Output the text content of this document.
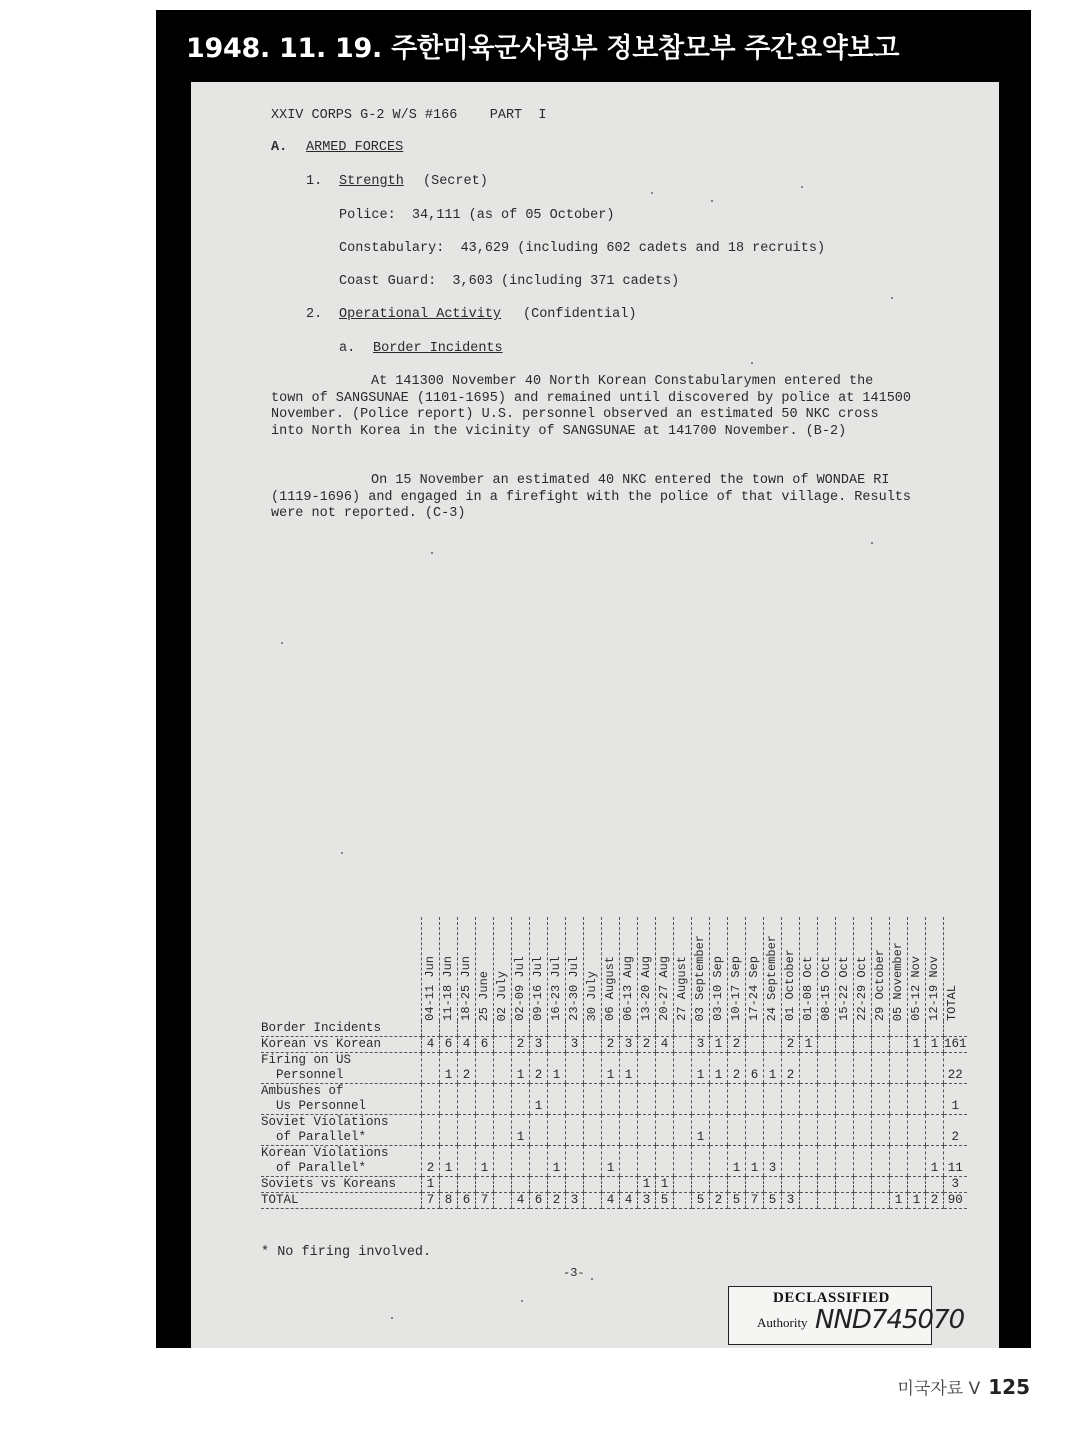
1948. 11. 19. 주한미육군사령부 정보참모부 주간요약보고
XXIV CORPS G-2 W/S #166    PART  I
A. ARMED FORCES
1. Strength (Secret)
Police:  34,111 (as of 05 October)
Constabulary:  43,629 (including 602 cadets and 18 recruits)
Coast Guard:  3,603 (including 371 cadets)
2. Operational Activity (Confidential)
a. Border Incidents
At 141300 November 40 North Korean Constabularymen entered the town of SANGSUNAE (1101-1695) and remained until discovered by police at 141500 November. (Police report) U.S. personnel observed an estimated 50 NKC cross into North Korea in the vicinity of SANGSUNAE at 141700 November. (B-2)
On 15 November an estimated 40 NKC entered the town of WONDAE RI (1119-1696) and engaged in a firefight with the police of that village. Results were not reported. (C-3)

	04-11 Jun	11-18 Jun	18-25 Jun	25 June	02 July	02-09 Jul	09-16 Jul	16-23 Jul	23-30 Jul	30 July	06 August	06-13 Aug	13-20 Aug	20-27 Aug	27 August	03 September	03-10 Sep	10-17 Sep	17-24 Sep	24 September	01 October	01-08 Oct	08-15 Oct	15-22 Oct	22-29 Oct	29 October	05 November	05-12 Nov	12-19 Nov	TOTAL

Border Incidents																														
Korean vs Korean	4	6	4	6		2	3		3		2	3	2	4		3	1	2			2	1						1	1	161
Firing on US
Personnel		1	2			1	2	1			1	1				1	1	2	6	1	2									22
Ambushes of
Us Personnel							1																							1
Soviet Violations
of Parallel*						1										1														2
Korean Violations
of Parallel*	2	1		1				1			1							1	1	3									1	11
Soviets vs Koreans	1												1	1																3
TOTAL	7	8	6	7		4	6	2	3		4	4	3	5		5	2	5	7	5	3						1	1	2	90
* No firing involved.
-3-
DECLASSIFIED
Authority NND745070
미국자료 Ⅴ 125
